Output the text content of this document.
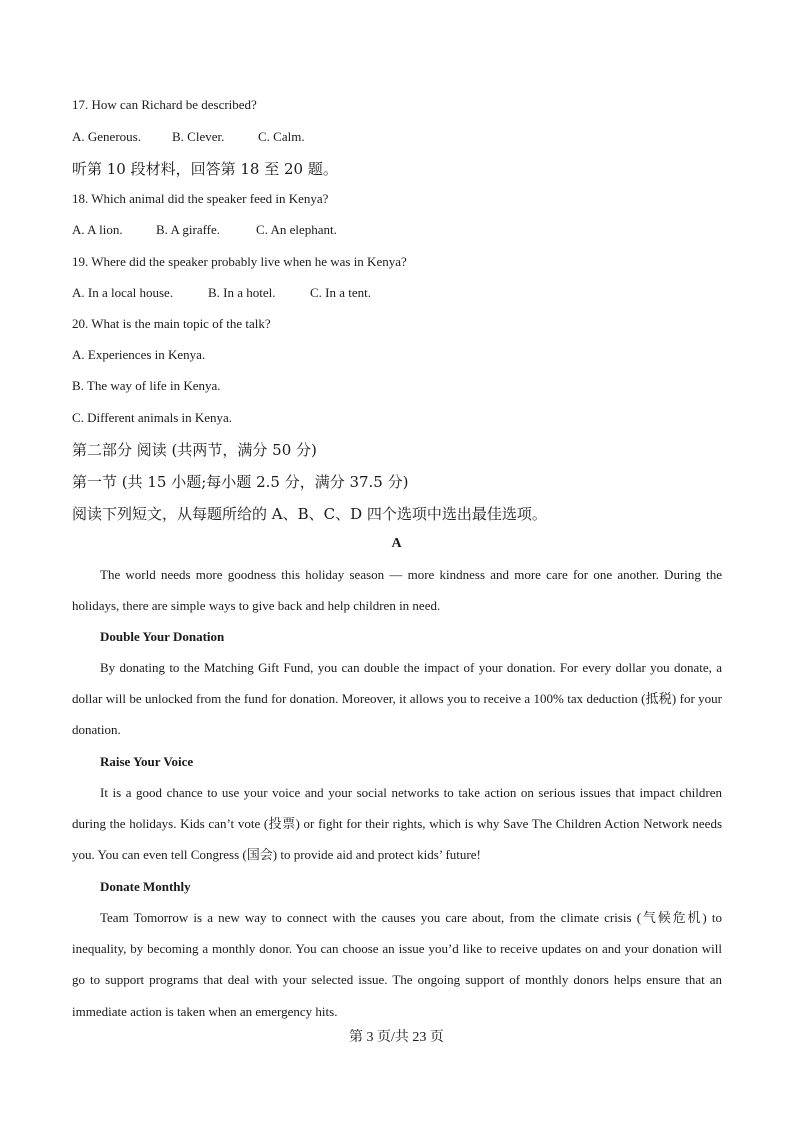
17. How can Richard be described?
A. Generous. B. Clever.	C. Calm.
听第 10 段材料，回答第 18 至 20 题。
18. Which animal did the speaker feed in Kenya?
A. A lion.	B. A giraffe.	C. An elephant.
19. Where did the speaker probably live when he was in Kenya?
A. In a local house.	B. In a hotel.	C. In a tent.
20. What is the main topic of the talk?
A. Experiences in Kenya.
B. The way of life in Kenya.
C. Different animals in Kenya.
第二部分 阅读 (共两节，满分 50 分)
第一节 (共 15 小题;每小题 2.5 分，满分 37.5 分)
阅读下列短文，从每题所给的 A、B、C、D 四个选项中选出最佳选项。
A
The world needs more goodness this holiday season — more kindness and more care for one another. During the holidays, there are simple ways to give back and help children in need.
Double Your Donation
By donating to the Matching Gift Fund, you can double the impact of your donation. For every dollar you donate, a dollar will be unlocked from the fund for donation. Moreover, it allows you to receive a 100% tax deduction (抵税) for your donation.
Raise Your Voice
It is a good chance to use your voice and your social networks to take action on serious issues that impact children during the holidays. Kids can’t vote (投票) or fight for their rights, which is why Save The Children Action Network needs you. You can even tell Congress (国会) to provide aid and protect kids’ future!
Donate Monthly
Team Tomorrow is a new way to connect with the causes you care about, from the climate crisis (气候危机) to inequality, by becoming a monthly donor. You can choose an issue you’d like to receive updates on and your donation will go to support programs that deal with your selected issue. The ongoing support of monthly donors helps ensure that an immediate action is taken when an emergency hits.
第 3 页/共 23 页
